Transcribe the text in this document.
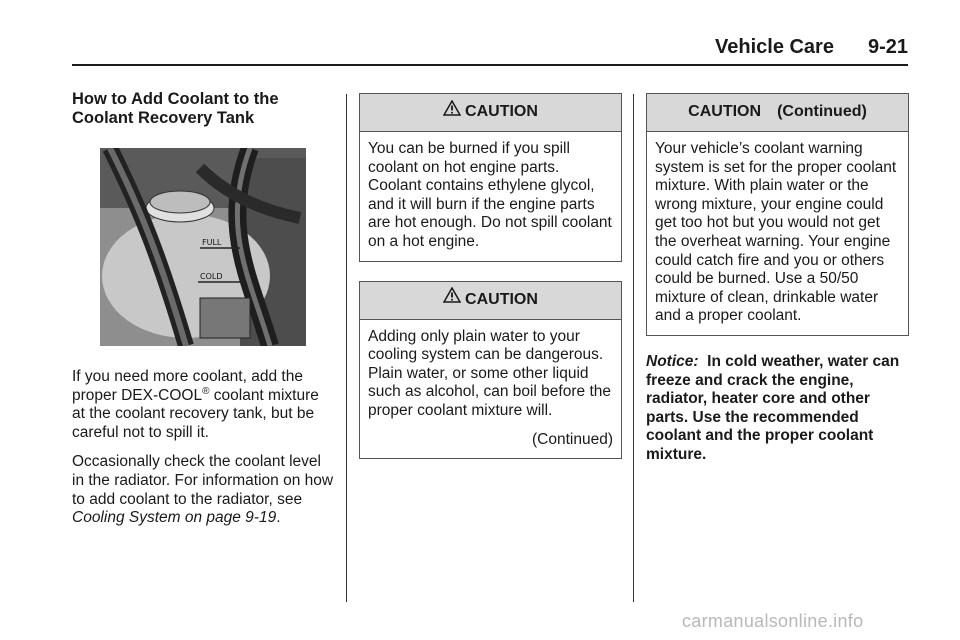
Vehicle Care 9-21

How to Add Coolant to the
Coolant Recovery Tank

FULL
COLD

If you need more coolant, add the proper DEX-COOL® coolant mixture at the coolant recovery tank, but be careful not to spill it.

Occasionally check the coolant level in the radiator. For information on how to add coolant to the radiator, see Cooling System on page 9-19.

CAUTION
You can be burned if you spill coolant on hot engine parts. Coolant contains ethylene glycol, and it will burn if the engine parts are hot enough. Do not spill coolant on a hot engine.
CAUTION
Adding only plain water to your cooling system can be dangerous. Plain water, or some other liquid such as alcohol, can boil before the proper coolant mixture will.
(Continued)
CAUTION (Continued)
Your vehicle’s coolant warning system is set for the proper coolant mixture. With plain water or the wrong mixture, your engine could get too hot but you would not get the overheat warning. Your engine could catch fire and you or others could be burned. Use a 50/50 mixture of clean, drinkable water and a proper coolant.

Notice: In cold weather, water can freeze and crack the engine, radiator, heater core and other parts. Use the recommended coolant and the proper coolant mixture.

carmanualsonline.info
